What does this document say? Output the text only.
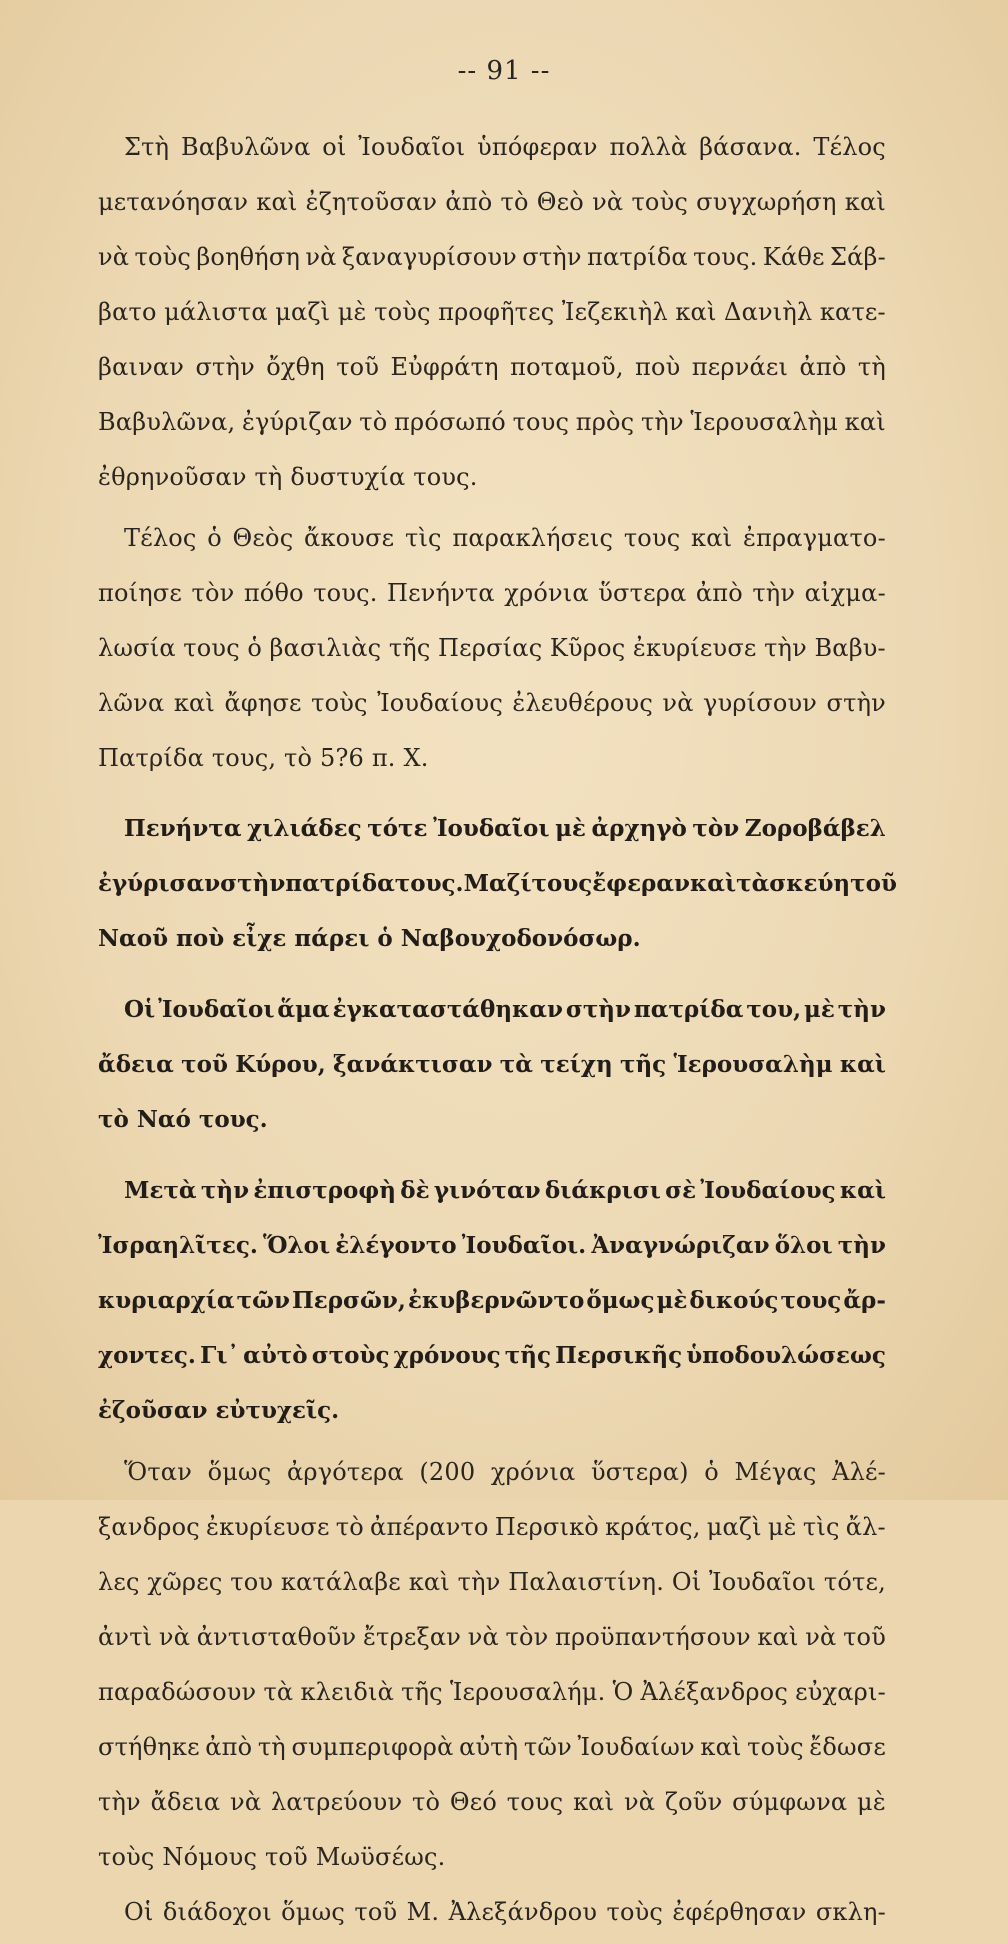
-- 91 --
Στὴ Βαβυλῶνα οἱ Ἰουδαῖοι ὑπόφεραν πολλὰ βάσανα. Τέλος
μετανόησαν καὶ ἐζητοῦσαν ἀπὸ τὸ Θεὸ νὰ τοὺς συγχωρήση καὶ
νὰ τοὺς βοηθήση νὰ ξαναγυρίσουν στὴν πατρίδα τους. Κάθε Σάβ-
βατο μάλιστα μαζὶ μὲ τοὺς προφῆτες Ἰεζεκιὴλ καὶ Δανιὴλ κατε-
βαιναν στὴν ὄχθη τοῦ Εὐφράτη ποταμοῦ, ποὺ περνάει ἀπὸ τὴ
Βαβυλῶνα, ἐγύριζαν τὸ πρόσωπό τους πρὸς τὴν Ἱερουσαλὴμ καὶ
ἐθρηνοῦσαν τὴ δυστυχία τους.
Τέλος ὁ Θεὸς ἄκουσε τὶς παρακλήσεις τους καὶ ἐπραγματο-
ποίησε τὸν πόθο τους. Πενήντα χρόνια ὕστερα ἀπὸ τὴν αἰχμα-
λωσία τους ὁ βασιλιὰς τῆς Περσίας Κῦρος ἐκυρίευσε τὴν Βαβυ-
λῶνα καὶ ἄφησε τοὺς Ἰουδαίους ἐλευθέρους νὰ γυρίσουν στὴν
Πατρίδα τους, τὸ 5?6 π. Χ.
Πενήντα χιλιάδες τότε Ἰουδαῖοι μὲ ἀρχηγὸ τὸν Ζοροβάβελ
ἐγύρισαν στὴν πατρίδα τους. Μαζί τους ἔφεραν καὶ τὰ σκεύη τοῦ
Ναοῦ ποὺ εἶχε πάρει ὁ Ναβουχοδονόσωρ.
Οἱ Ἰουδαῖοι ἅμα ἐγκαταστάθηκαν στὴν πατρίδα του, μὲ τὴν
ἄδεια τοῦ Κύρου, ξανάκτισαν τὰ τείχη τῆς Ἱερουσαλὴμ καὶ
τὸ Ναό τους.
Μετὰ τὴν ἐπιστροφὴ δὲ γινόταν διάκρισι σὲ Ἰουδαίους καὶ
Ἰσραηλῖτες. Ὅλοι ἐλέγοντο Ἰουδαῖοι. Ἀναγνώριζαν ὅλοι τὴν
κυριαρχία τῶν Περσῶν, ἐκυβερνῶντο ὅμως μὲ δικούς τους ἄρ-
χοντες. Γι᾿ αὐτὸ στοὺς χρόνους τῆς Περσικῆς ὑποδουλώσεως
ἐζοῦσαν εὐτυχεῖς.
Ὅταν ὅμως ἀργότερα (200 χρόνια ὕστερα) ὁ Μέγας Ἀλέ-
ξανδρος ἐκυρίευσε τὸ ἀπέραντο Περσικὸ κράτος, μαζὶ μὲ τὶς ἄλ-
λες χῶρες του κατάλαβε καὶ τὴν Παλαιστίνη. Οἱ Ἰουδαῖοι τότε,
ἀντὶ νὰ ἀντισταθοῦν ἔτρεξαν νὰ τὸν προϋπαντήσουν καὶ νὰ τοῦ
παραδώσουν τὰ κλειδιὰ τῆς Ἱερουσαλήμ. Ὁ Ἀλέξανδρος εὐχαρι-
στήθηκε ἀπὸ τὴ συμπεριφορὰ αὐτὴ τῶν Ἰουδαίων καὶ τοὺς ἔδωσε
τὴν ἄδεια νὰ λατρεύουν τὸ Θεό τους καὶ νὰ ζοῦν σύμφωνα μὲ
τοὺς Νόμους τοῦ Μωϋσέως.
Οἱ διάδοχοι ὅμως τοῦ Μ. Ἀλεξάνδρου τοὺς ἐφέρθησαν σκλη-
